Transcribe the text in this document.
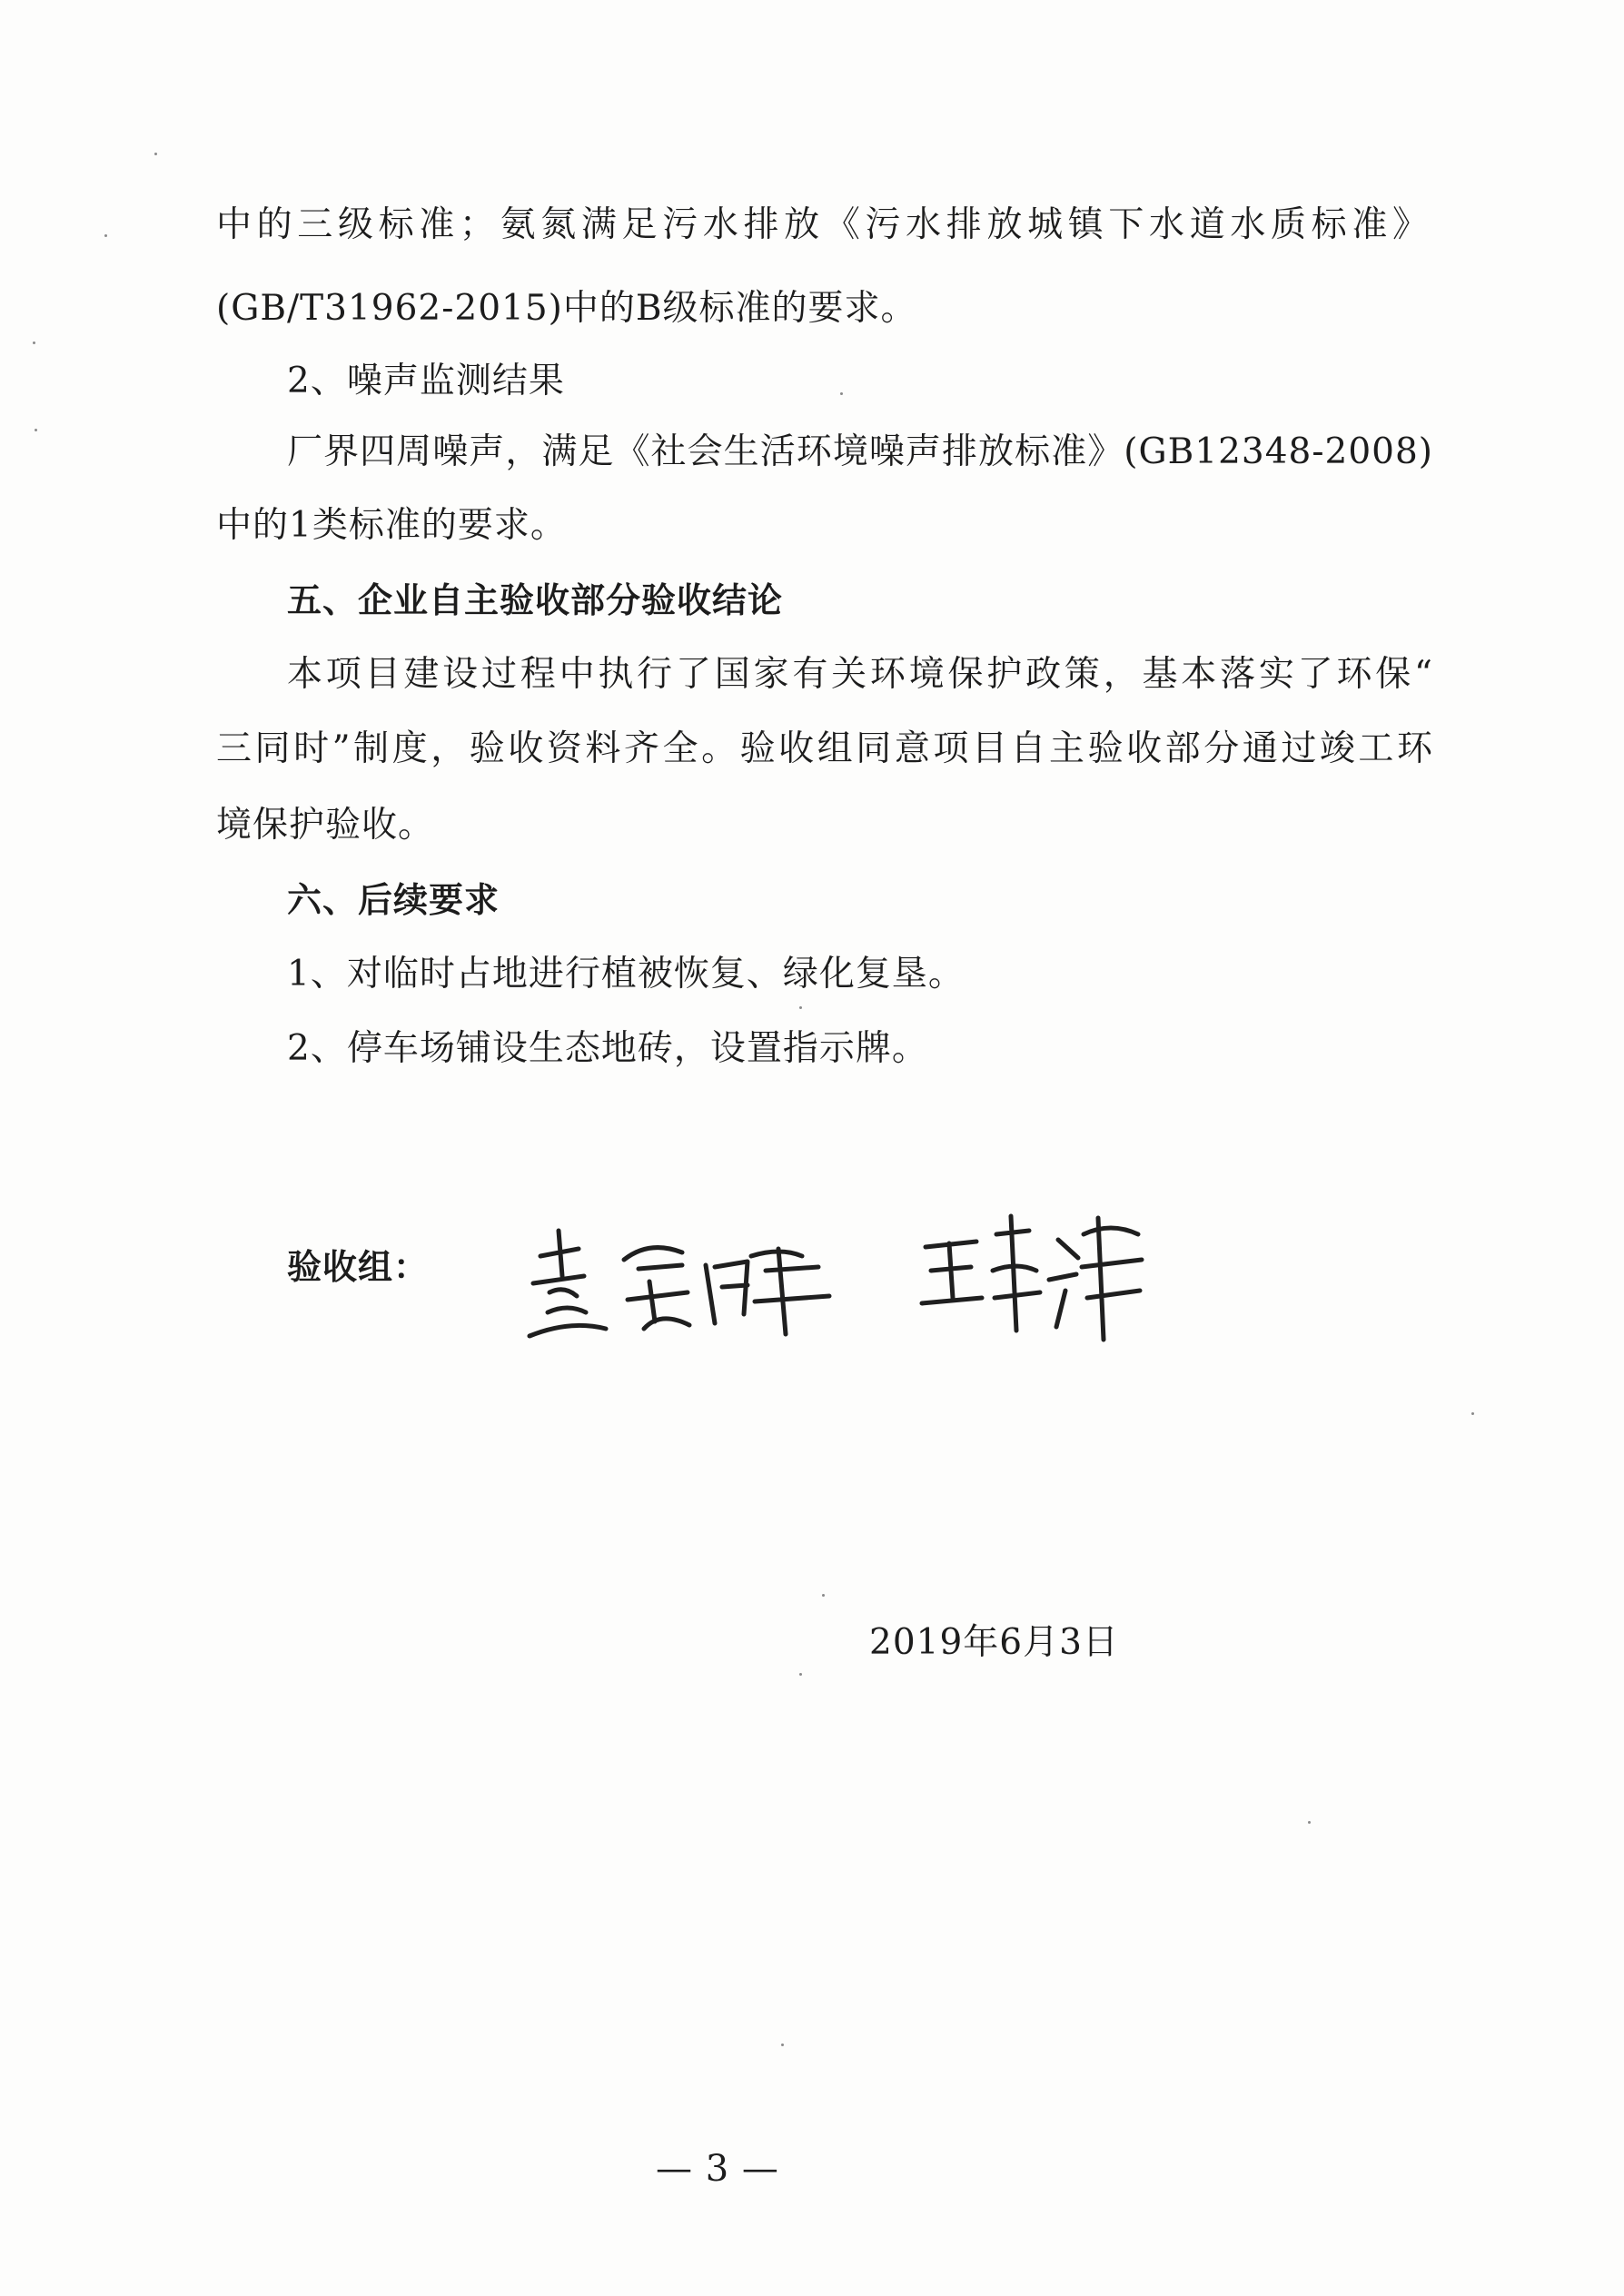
中的三级标准；氨氮满足污水排放《污水排放城镇下水道水质标准》
(GB/T31962-2015)中的B级标准的要求。
2、噪声监测结果
厂界四周噪声，满足《社会生活环境噪声排放标准》(GB12348-2008)
中的1类标准的要求。
五、企业自主验收部分验收结论
本项目建设过程中执行了国家有关环境保护政策，基本落实了环保“
三同时”制度，验收资料齐全。验收组同意项目自主验收部分通过竣工环
境保护验收。
六、后续要求
1、对临时占地进行植被恢复、绿化复垦。
2、停车场铺设生态地砖，设置指示牌。
验收组：
2019年6月3日
— 3 —
